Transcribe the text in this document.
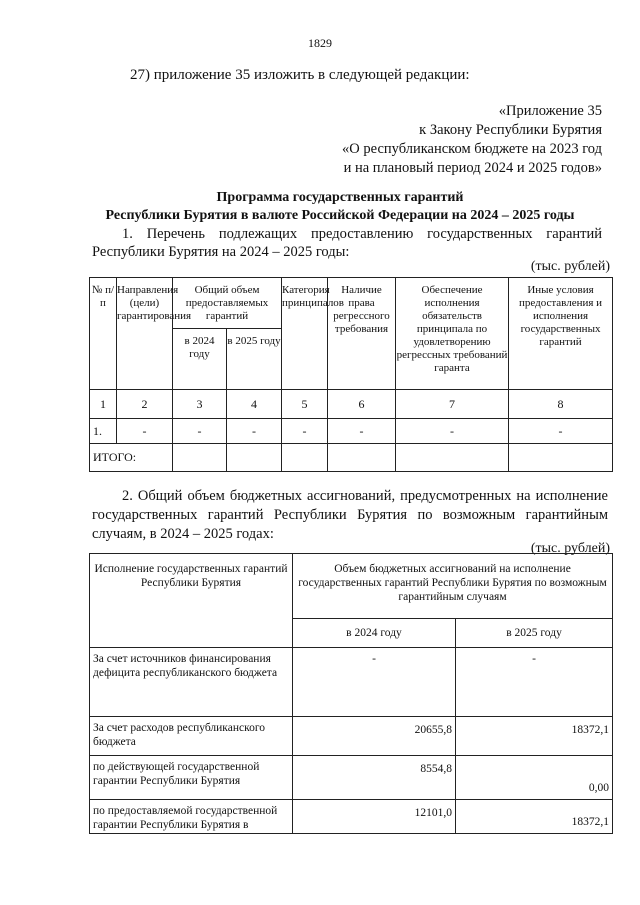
1829
27) приложение 35 изложить в следующей редакции:
«Приложение 35
к Закону Республики Бурятия
«О республиканском бюджете на 2023 год
и на плановый период 2024 и 2025 годов»
Программа государственных гарантий
Республики Бурятия в валюте Российской Федерации на 2024 – 2025 годы
1. Перечень подлежащих предоставлению государственных гарантий Республики Бурятия на 2024 – 2025 годы:
(тыс. рублей)
№ п/п	Направления (цели) гарантирования	Общий объем предоставляемых гарантий		Категория принципалов	Наличие права регрессного требования	Обеспечение исполнения обязательств принципала по удовлетворению регрессных требований гаранта	Иные условия предоставления и исполнения государственных гарантий
		в 2024 году	в 2025 году				
1	2	3	4	5	6	7	8
1.	-	-	-	-	-	-	-
ИТОГО:							
2. Общий объем бюджетных ассигнований, предусмотренных на исполнение государственных гарантий Республики Бурятия по возможным гарантийным случаям, в 2024 – 2025 годах:
(тыс. рублей)
Исполнение государственных гарантий Республики Бурятия	Объем бюджетных ассигнований на исполнение государственных гарантий Республики Бурятия по возможным гарантийным случаям	
	в 2024 году	в 2025 году
За счет источников финансирования дефицита республиканского бюджета	-	-
За счет расходов республиканского бюджета	20655,8	18372,1
по действующей государственной гарантии Республики Бурятия	8554,8	0,00
по предоставляемой государственной гарантии Республики Бурятия в	12101,0	18372,1
